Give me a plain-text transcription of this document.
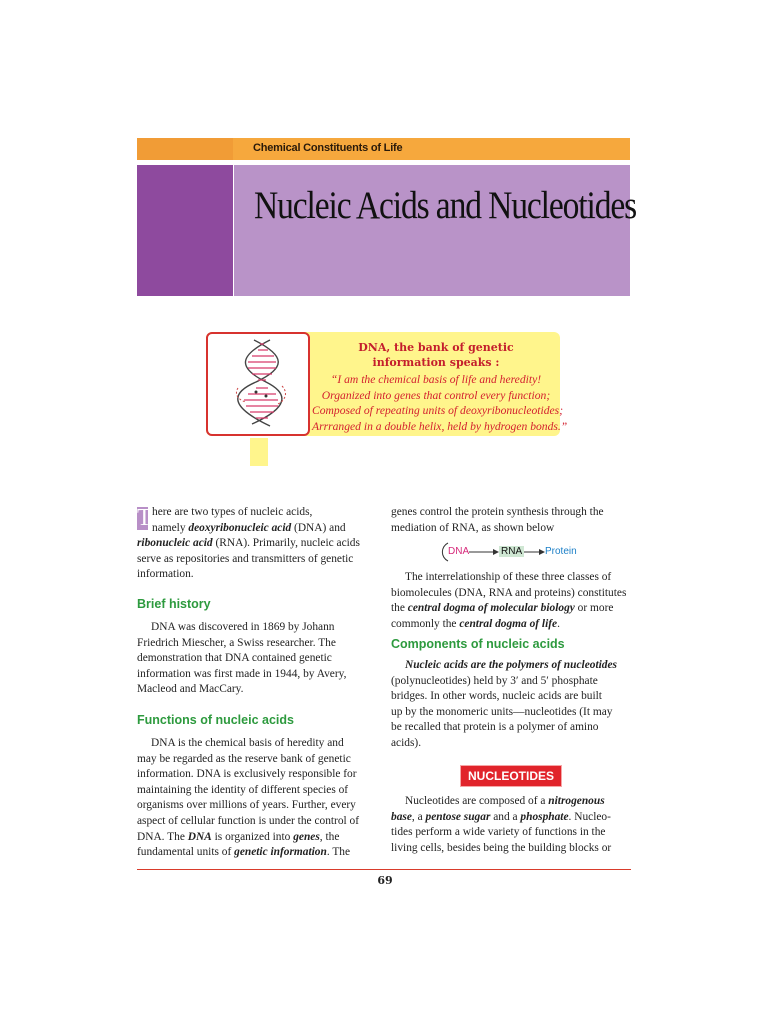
Chemical Constituents of Life
Nucleic Acids and Nucleotides
DNA, the bank of genetic
information speaks :
“I am the chemical basis of life and heredity!
Organized into genes that control every function;
Composed of repeating units of deoxyribonucleotides;
Arrranged in a double helix, held by hydrogen bonds.”
T here are two types of nucleic acids,
namely deoxyribonucleic acid (DNA) and
ribonucleic acid (RNA). Primarily, nucleic acids
serve as repositories and transmitters of genetic
information.
Brief history
DNA was discovered in 1869 by Johann
Friedrich Miescher, a Swiss researcher. The
demonstration that DNA contained genetic
information was first made in 1944, by Avery,
Macleod and MacCary.
Functions of nucleic acids
DNA is the chemical basis of heredity and
may be regarded as the reserve bank of genetic
information. DNA is exclusively responsible for
maintaining the identity of different species of
organisms over millions of years. Further, every
aspect of cellular function is under the control of
DNA. The DNA is organized into genes, the
fundamental units of genetic information. The
genes control the protein synthesis through the
mediation of RNA, as shown below
DNA	RNA Protein
The interrelationship of these three classes of
biomolecules (DNA, RNA and proteins) constitutes
the central dogma of molecular biology or more
commonly the central dogma of life.
Components of nucleic acids
Nucleic acids are the polymers of nucleotides
(polynucleotides) held by 3′ and 5′ phosphate
bridges. In other words, nucleic acids are built
up by the monomeric units—nucleotides (It may
be recalled that protein is a polymer of amino
acids).
NUCLEOTIDES
Nucleotides are composed of a nitrogenous
base, a pentose sugar and a phosphate. Nucleo-
tides perform a wide variety of functions in the
living cells, besides being the building blocks or
69
